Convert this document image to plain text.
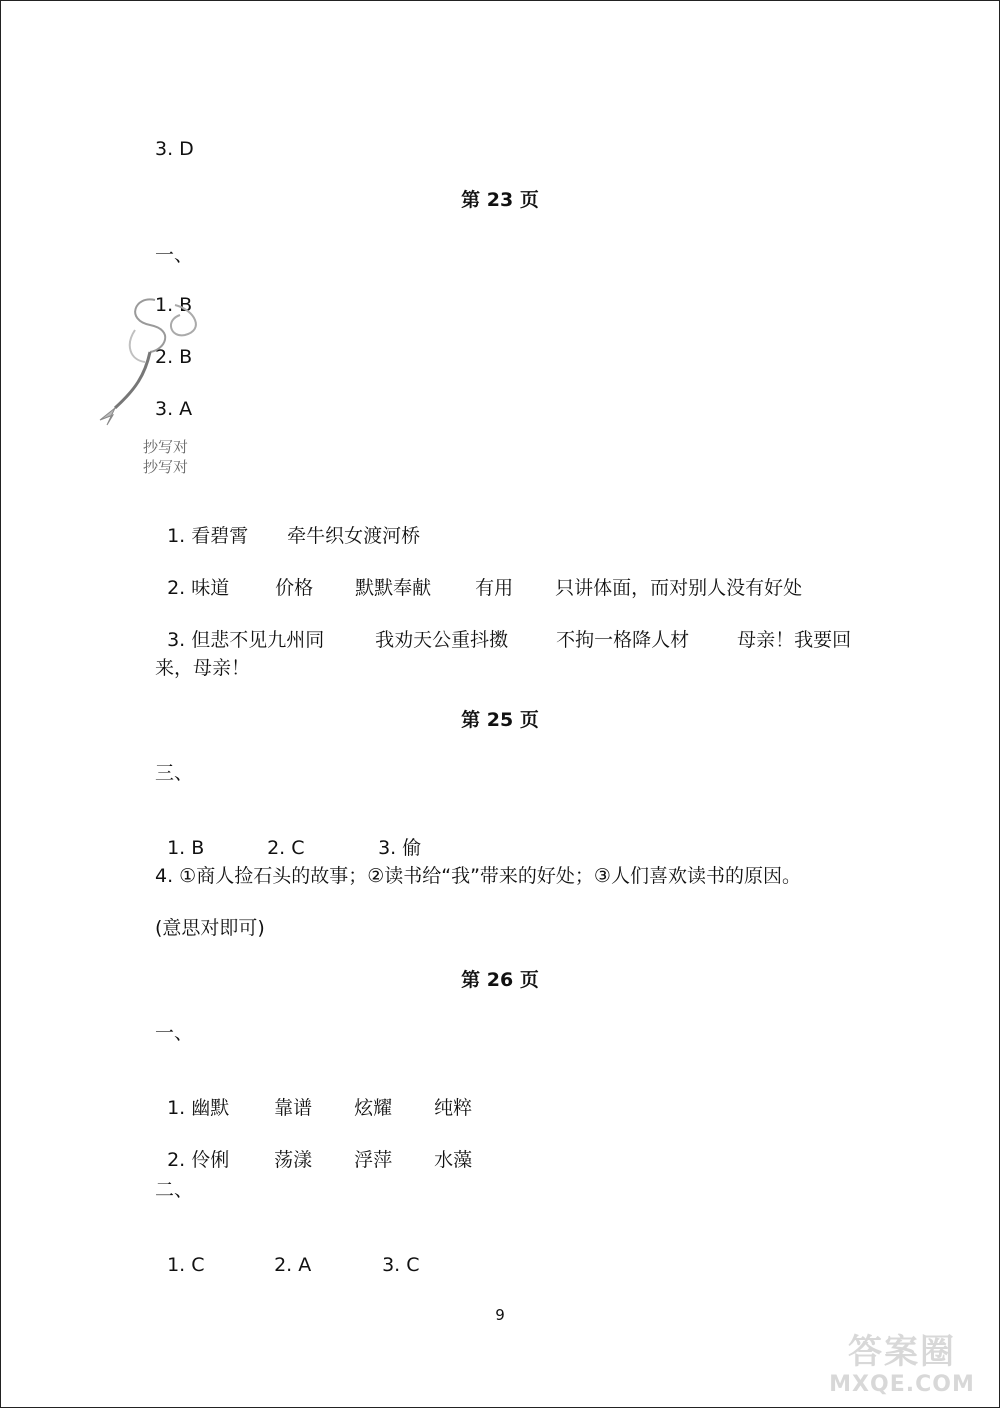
3. D
第 23 页
一、
1. B
2. B
3. A
抄写对
抄写对

1. 看碧霄 牵牛织女渡河桥

2. 味道 价格 默默奉献 有用 只讲体面，而对别人没有好处

3. 但悲不见九州同	我劝天公重抖擞	不拘一格降人材	母亲！我要回

来，母亲！
第 25 页
三、

1. B	2. C	3. 偷

4. ①商人捡石头的故事；②读书给“我”带来的好处；③人们喜欢读书的原因。
(意思对即可)
第 26 页
一、

1. 幽默 靠谱 炫耀 纯粹

2. 伶俐 荡漾 浮萍 水藻

二、

1. C	2. A	3. C

9
答案圈
MXQE.COM
